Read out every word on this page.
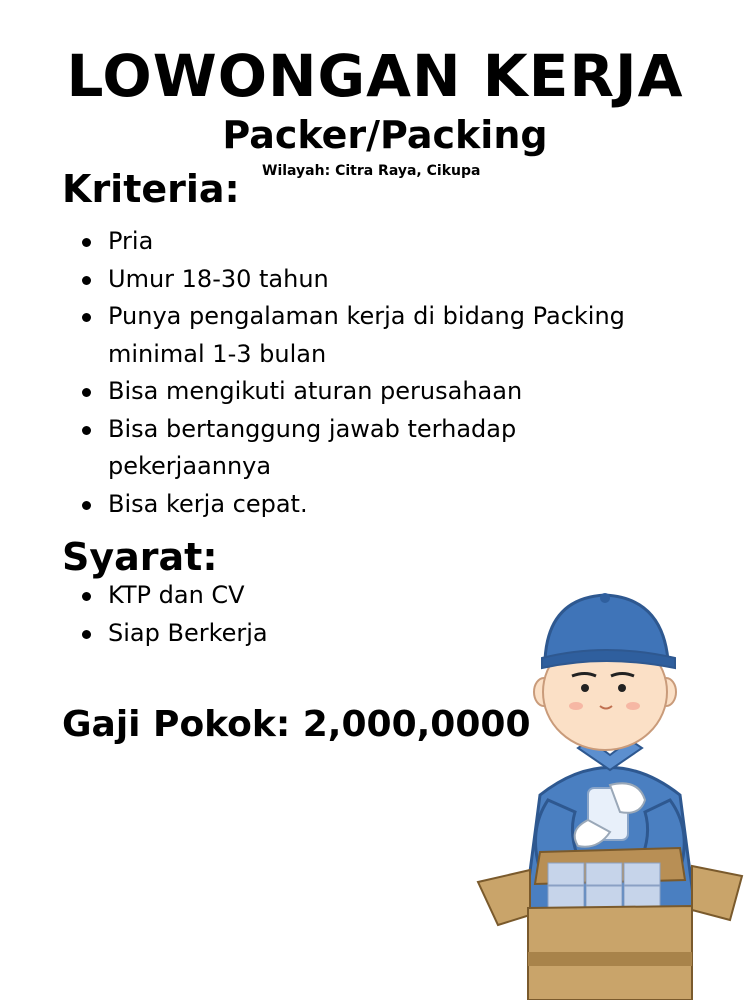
LOWONGAN KERJA
Packer/Packing

Wilayah: Citra Raya, Cikupa

Kriteria:
Pria
Umur 18-30 tahun
Punya pengalaman kerja di bidang Packing minimal 1-3 bulan
Bisa mengikuti aturan perusahaan
Bisa bertanggung jawab terhadap pekerjaannya
Bisa kerja cepat.
Syarat:
KTP dan CV
Siap Berkerja

Gaji Pokok: 2,000,0000
